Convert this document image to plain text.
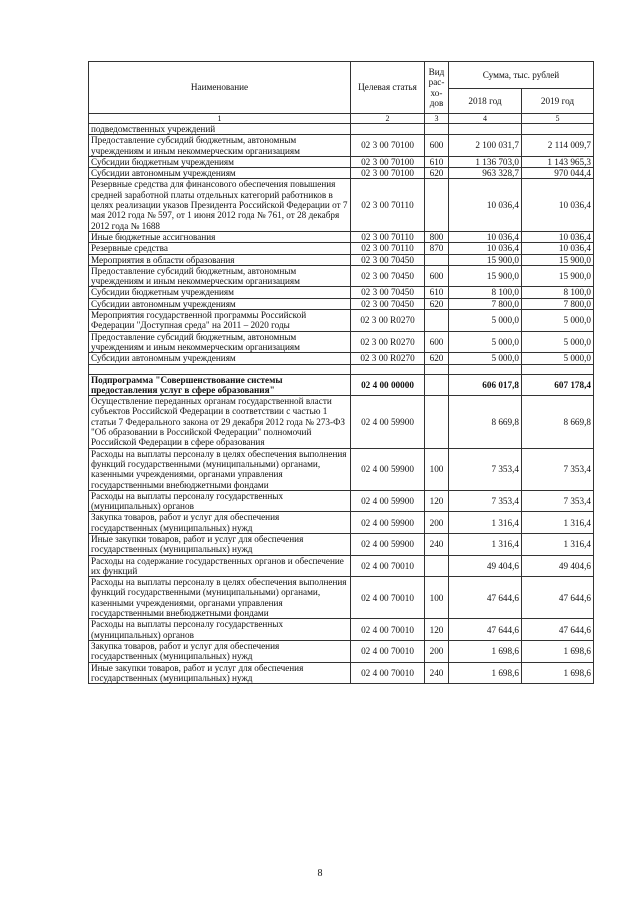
Наименование	Целевая статья	Вид рас- хо- дов	Сумма, тыс. рублей	
			2018 год	2019 год
1	2	3	4	5
подведомственных учреждений				
Предоставление субсидий бюджетным, автономным учреждениям и иным некоммерческим организациям	02 3 00 70100	600	2 100 031,7	2 114 009,7
Субсидии бюджетным учреждениям	02 3 00 70100	610	1 136 703,0	1 143 965,3
Субсидии автономным учреждениям	02 3 00 70100	620	963 328,7	970 044,4
Резервные средства для финансового обеспечения повышения средней заработной платы отдельных категорий работников в целях реализации указов Президента Российской Федерации от 7 мая 2012 года № 597, от 1 июня 2012 года № 761, от 28 декабря 2012 года № 1688	02 3 00 70110		10 036,4	10 036,4
Иные бюджетные ассигнования	02 3 00 70110	800	10 036,4	10 036,4
Резервные средства	02 3 00 70110	870	10 036,4	10 036,4
Мероприятия в области образования	02 3 00 70450		15 900,0	15 900,0
Предоставление субсидий бюджетным, автономным учреждениям и иным некоммерческим организациям	02 3 00 70450	600	15 900,0	15 900,0
Субсидии бюджетным учреждениям	02 3 00 70450	610	8 100,0	8 100,0
Субсидии автономным учреждениям	02 3 00 70450	620	7 800,0	7 800,0
Мероприятия государственной программы Российской Федерации "Доступная среда" на 2011 – 2020 годы	02 3 00 R0270		5 000,0	5 000,0
Предоставление субсидий бюджетным, автономным учреждениям и иным некоммерческим организациям	02 3 00 R0270	600	5 000,0	5 000,0
Субсидии автономным учреждениям	02 3 00 R0270	620	5 000,0	5 000,0

Подпрограмма "Совершенствование системы предоставления услуг в сфере образования"	02 4 00 00000		606 017,8	607 178,4
Осуществление переданных органам государственной власти субъектов Российской Федерации в соответствии с частью 1 статьи 7 Федерального закона от 29 декабря 2012 года № 273-ФЗ "Об образовании в Российской Федерации" полномочий Российской Федерации в сфере образования	02 4 00 59900		8 669,8	8 669,8
Расходы на выплаты персоналу в целях обеспечения выполнения функций государственными (муниципальными) органами, казенными учреждениями, органами управления государственными внебюджетными фондами	02 4 00 59900	100	7 353,4	7 353,4
Расходы на выплаты персоналу государственных (муниципальных) органов	02 4 00 59900	120	7 353,4	7 353,4
Закупка товаров, работ и услуг для обеспечения государственных (муниципальных) нужд	02 4 00 59900	200	1 316,4	1 316,4
Иные закупки товаров, работ и услуг для обеспечения государственных (муниципальных) нужд	02 4 00 59900	240	1 316,4	1 316,4
Расходы на содержание государственных органов и обеспечение их функций	02 4 00 70010		49 404,6	49 404,6
Расходы на выплаты персоналу в целях обеспечения выполнения функций государственными (муниципальными) органами, казенными учреждениями, органами управления государственными внебюджетными фондами	02 4 00 70010	100	47 644,6	47 644,6
Расходы на выплаты персоналу государственных (муниципальных) органов	02 4 00 70010	120	47 644,6	47 644,6
Закупка товаров, работ и услуг для обеспечения государственных (муниципальных) нужд	02 4 00 70010	200	1 698,6	1 698,6
Иные закупки товаров, работ и услуг для обеспечения государственных (муниципальных) нужд	02 4 00 70010	240	1 698,6	1 698,6
8
